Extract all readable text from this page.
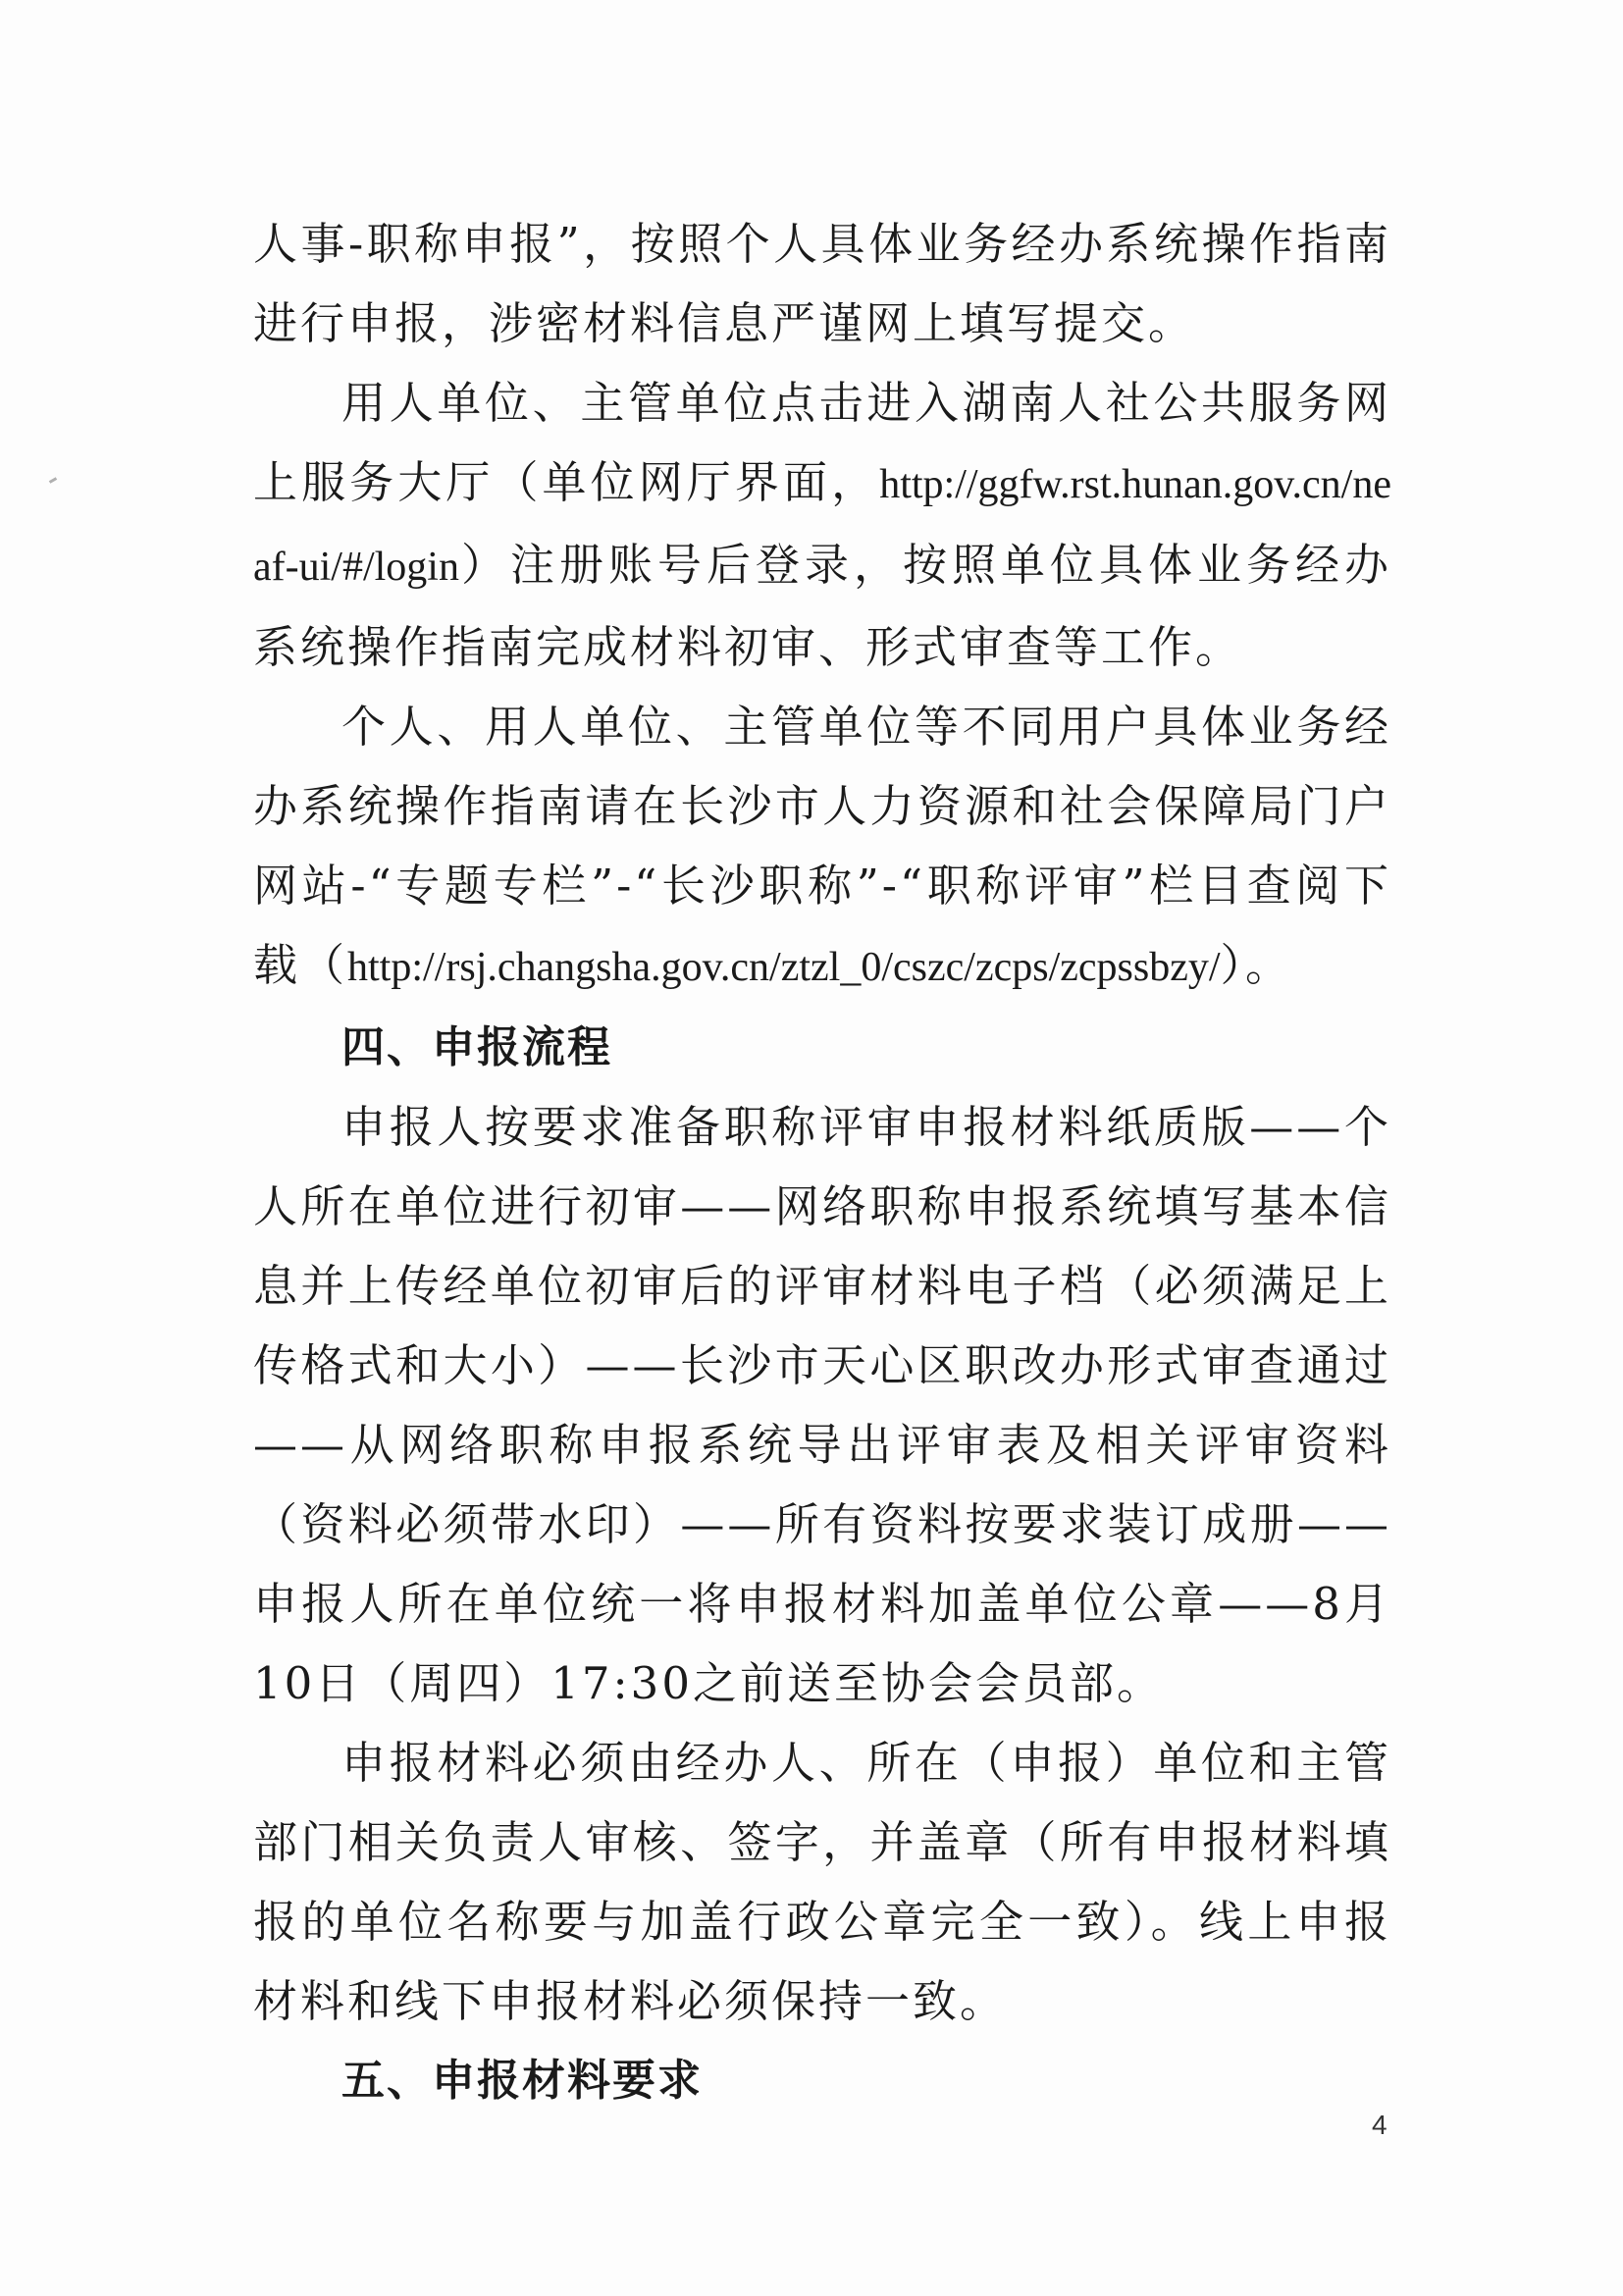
人事-职称申报”，按照个人具体业务经办系统操作指南进行申报，涉密材料信息严谨网上填写提交。

用人单位、主管单位点击进入湖南人社公共服务网上服务大厅（单位网厅界面，http://ggfw.rst.hunan.gov.cn/neaf-ui/#/login）注册账号后登录，按照单位具体业务经办系统操作指南完成材料初审、形式审查等工作。

个人、用人单位、主管单位等不同用户具体业务经办系统操作指南请在长沙市人力资源和社会保障局门户网站-“专题专栏”-“长沙职称”-“职称评审”栏目查阅下载（http://rsj.changsha.gov.cn/ztzl_0/cszc/zcps/zcpssbzy/）。

四、申报流程

申报人按要求准备职称评审申报材料纸质版——个人所在单位进行初审——网络职称申报系统填写基本信息并上传经单位初审后的评审材料电子档（必须满足上传格式和大小）——长沙市天心区职改办形式审查通过——从网络职称申报系统导出评审表及相关评审资料（资料必须带水印）——所有资料按要求装订成册——申报人所在单位统一将申报材料加盖单位公章——8月10日（周四）17:30之前送至协会会员部。

申报材料必须由经办人、所在（申报）单位和主管部门相关负责人审核、签字，并盖章（所有申报材料填报的单位名称要与加盖行政公章完全一致）。线上申报材料和线下申报材料必须保持一致。

五、申报材料要求
4
